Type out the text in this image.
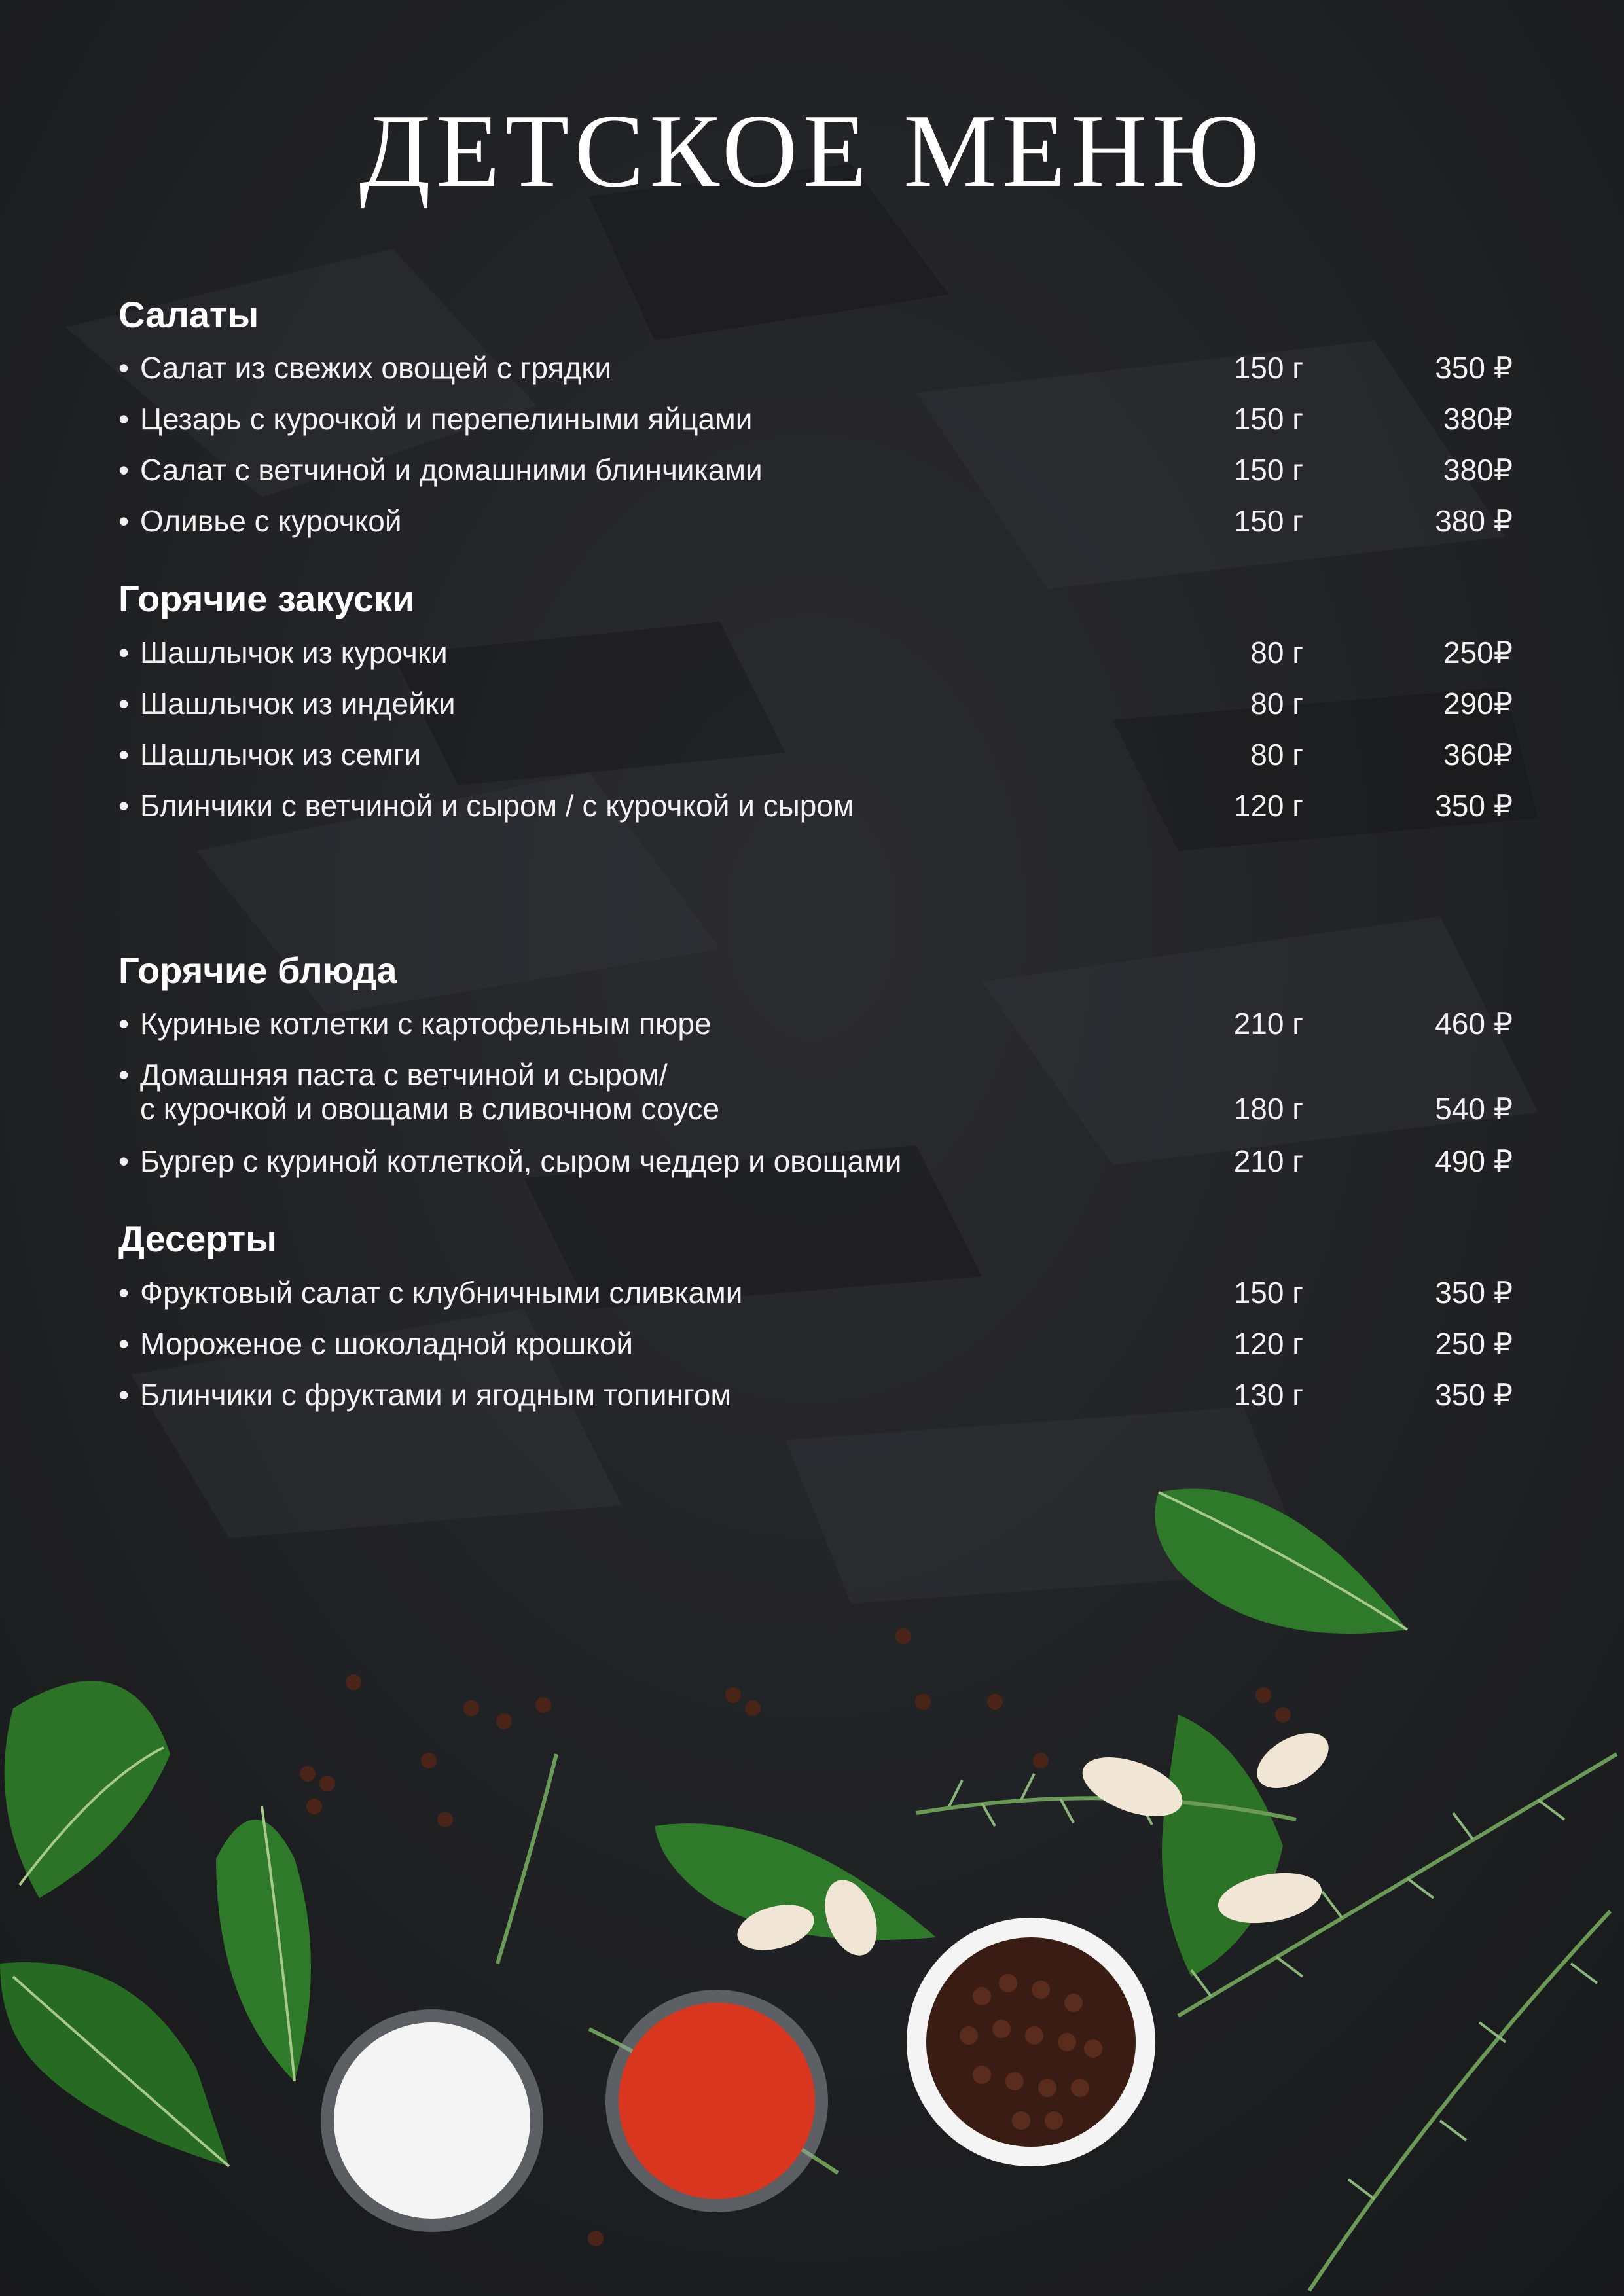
ДЕТСКОЕ МЕНЮ
Салаты
• Салат из свежих овощей с грядки	150 г	350 ₽
• Цезарь с курочкой и перепелиными яйцами	150 г	380₽
• Салат с ветчиной и домашними блинчиками	150 г	380₽
• Оливье с курочкой	150 г	380 ₽
Горячие закуски
• Шашлычок из курочки	80 г	250₽
• Шашлычок из индейки	80 г	290₽
• Шашлычок из семги	80 г	360₽
• Блинчики с ветчиной и сыром / с курочкой и сыром	120 г	350 ₽
Горячие блюда
• Куриные котлетки с картофельным пюре	210 г	460 ₽
• Домашняя паста с ветчиной и сыром/
с курочкой и овощами в сливочном соусе	180 г	540 ₽
• Бургер с куриной котлеткой, сыром чеддер и овощами	210 г	490 ₽
Десерты
• Фруктовый салат с клубничными сливками	150 г	350 ₽
• Мороженое с шоколадной крошкой	120 г	250 ₽
• Блинчики с фруктами и ягодным топингом	130 г	350 ₽
